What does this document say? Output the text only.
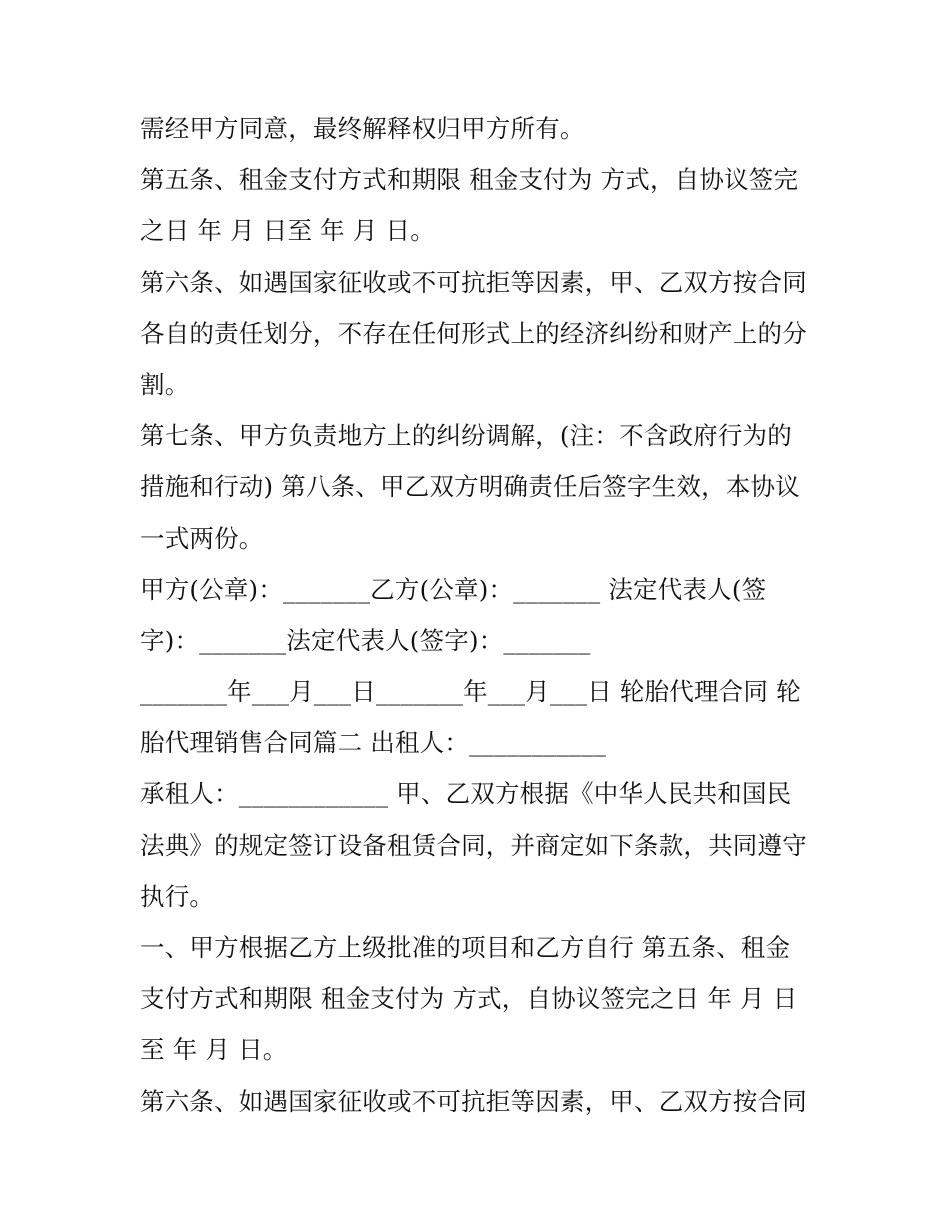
需经甲方同意，最终解释权归甲方所有。
第五条、租金支付方式和期限 租金支付为 方式，自协议签完
之日 年 月 日至 年 月 日。
第六条、如遇国家征收或不可抗拒等因素，甲、乙双方按合同
各自的责任划分，不存在任何形式上的经济纠纷和财产上的分
割。
第七条、甲方负责地方上的纠纷调解，(注：不含政府行为的
措施和行动) 第八条、甲乙双方明确责任后签字生效，本协议
一式两份。
甲方(公章)：_______乙方(公章)：_______ 法定代表人(签
字)：_______法定代表人(签字)：_______
_______年___月___日_______年___月___日 轮胎代理合同 轮
胎代理销售合同篇二 出租人：___________
承租人：____________ 甲、乙双方根据《中华人民共和国民
法典》的规定签订设备租赁合同，并商定如下条款，共同遵守
执行。
一、甲方根据乙方上级批准的项目和乙方自行 第五条、租金
支付方式和期限 租金支付为 方式，自协议签完之日 年 月 日
至 年 月 日。
第六条、如遇国家征收或不可抗拒等因素，甲、乙双方按合同
